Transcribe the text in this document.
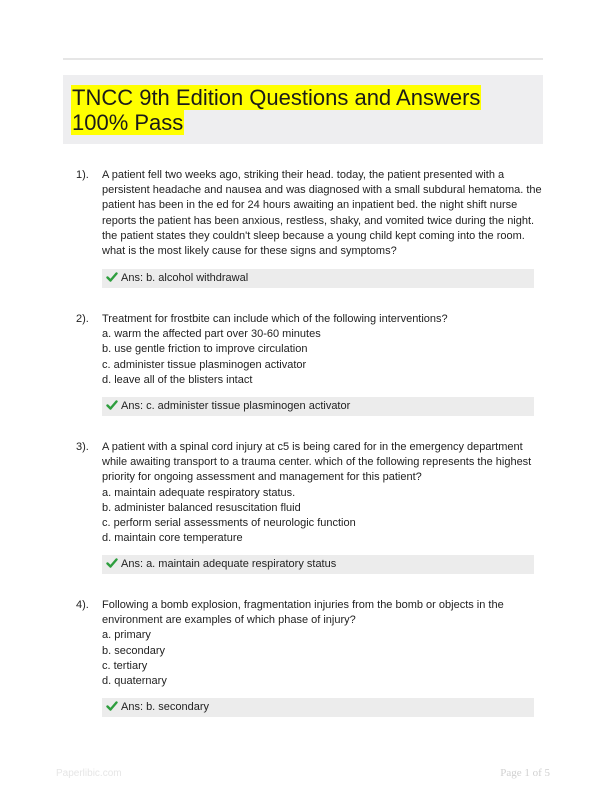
TNCC 9th Edition Questions and Answers 100% Pass
1).	A patient fell two weeks ago, striking their head. today, the patient presented with a
persistent headache and nausea and was diagnosed with a small subdural hematoma. the
patient has been in the ed for 24 hours awaiting an inpatient bed. the night shift nurse
reports the patient has been anxious, restless, shaky, and vomited twice during the night.
the patient states they couldn't sleep because a young child kept coming into the room.
what is the most likely cause for these signs and symptoms?
Ans: b. alcohol withdrawal
2).	Treatment for frostbite can include which of the following interventions?
a. warm the affected part over 30-60 minutes
b. use gentle friction to improve circulation
c. administer tissue plasminogen activator
d. leave all of the blisters intact
Ans: c. administer tissue plasminogen activator
3).	A patient with a spinal cord injury at c5 is being cared for in the emergency department
while awaiting transport to a trauma center. which of the following represents the highest
priority for ongoing assessment and management for this patient?
a. maintain adequate respiratory status.
b. administer balanced resuscitation fluid
c. perform serial assessments of neurologic function
d. maintain core temperature
Ans: a. maintain adequate respiratory status
4).	Following a bomb explosion, fragmentation injuries from the bomb or objects in the
environment are examples of which phase of injury?
a. primary
b. secondary
c. tertiary
d. quaternary
Ans: b. secondary
Paperlibic.com	Page 1 of 5
